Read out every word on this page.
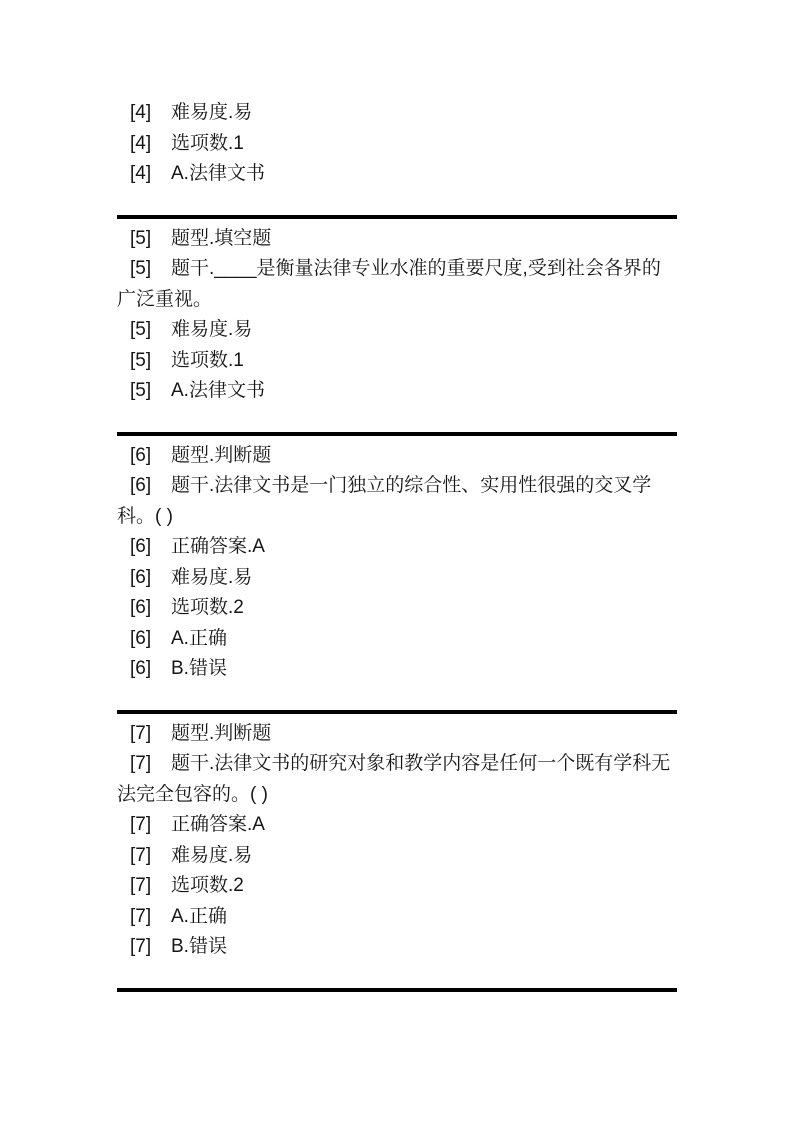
[4] 难易度.易

[4] 选项数.1

[4] A.法律文书

[5] 题型.填空题

[5] 题干.____是衡量法律专业水准的重要尺度,受到社会各界的广泛重视。

[5] 难易度.易

[5] 选项数.1

[5] A.法律文书

[6] 题型.判断题

[6] 题干.法律文书是一门独立的综合性、实用性很强的交叉学科。( )

[6] 正确答案.A

[6] 难易度.易

[6] 选项数.2

[6] A.正确

[6] B.错误

[7] 题型.判断题

[7] 题干.法律文书的研究对象和教学内容是任何一个既有学科无法完全包容的。( )

[7] 正确答案.A

[7] 难易度.易

[7] 选项数.2

[7] A.正确

[7] B.错误
